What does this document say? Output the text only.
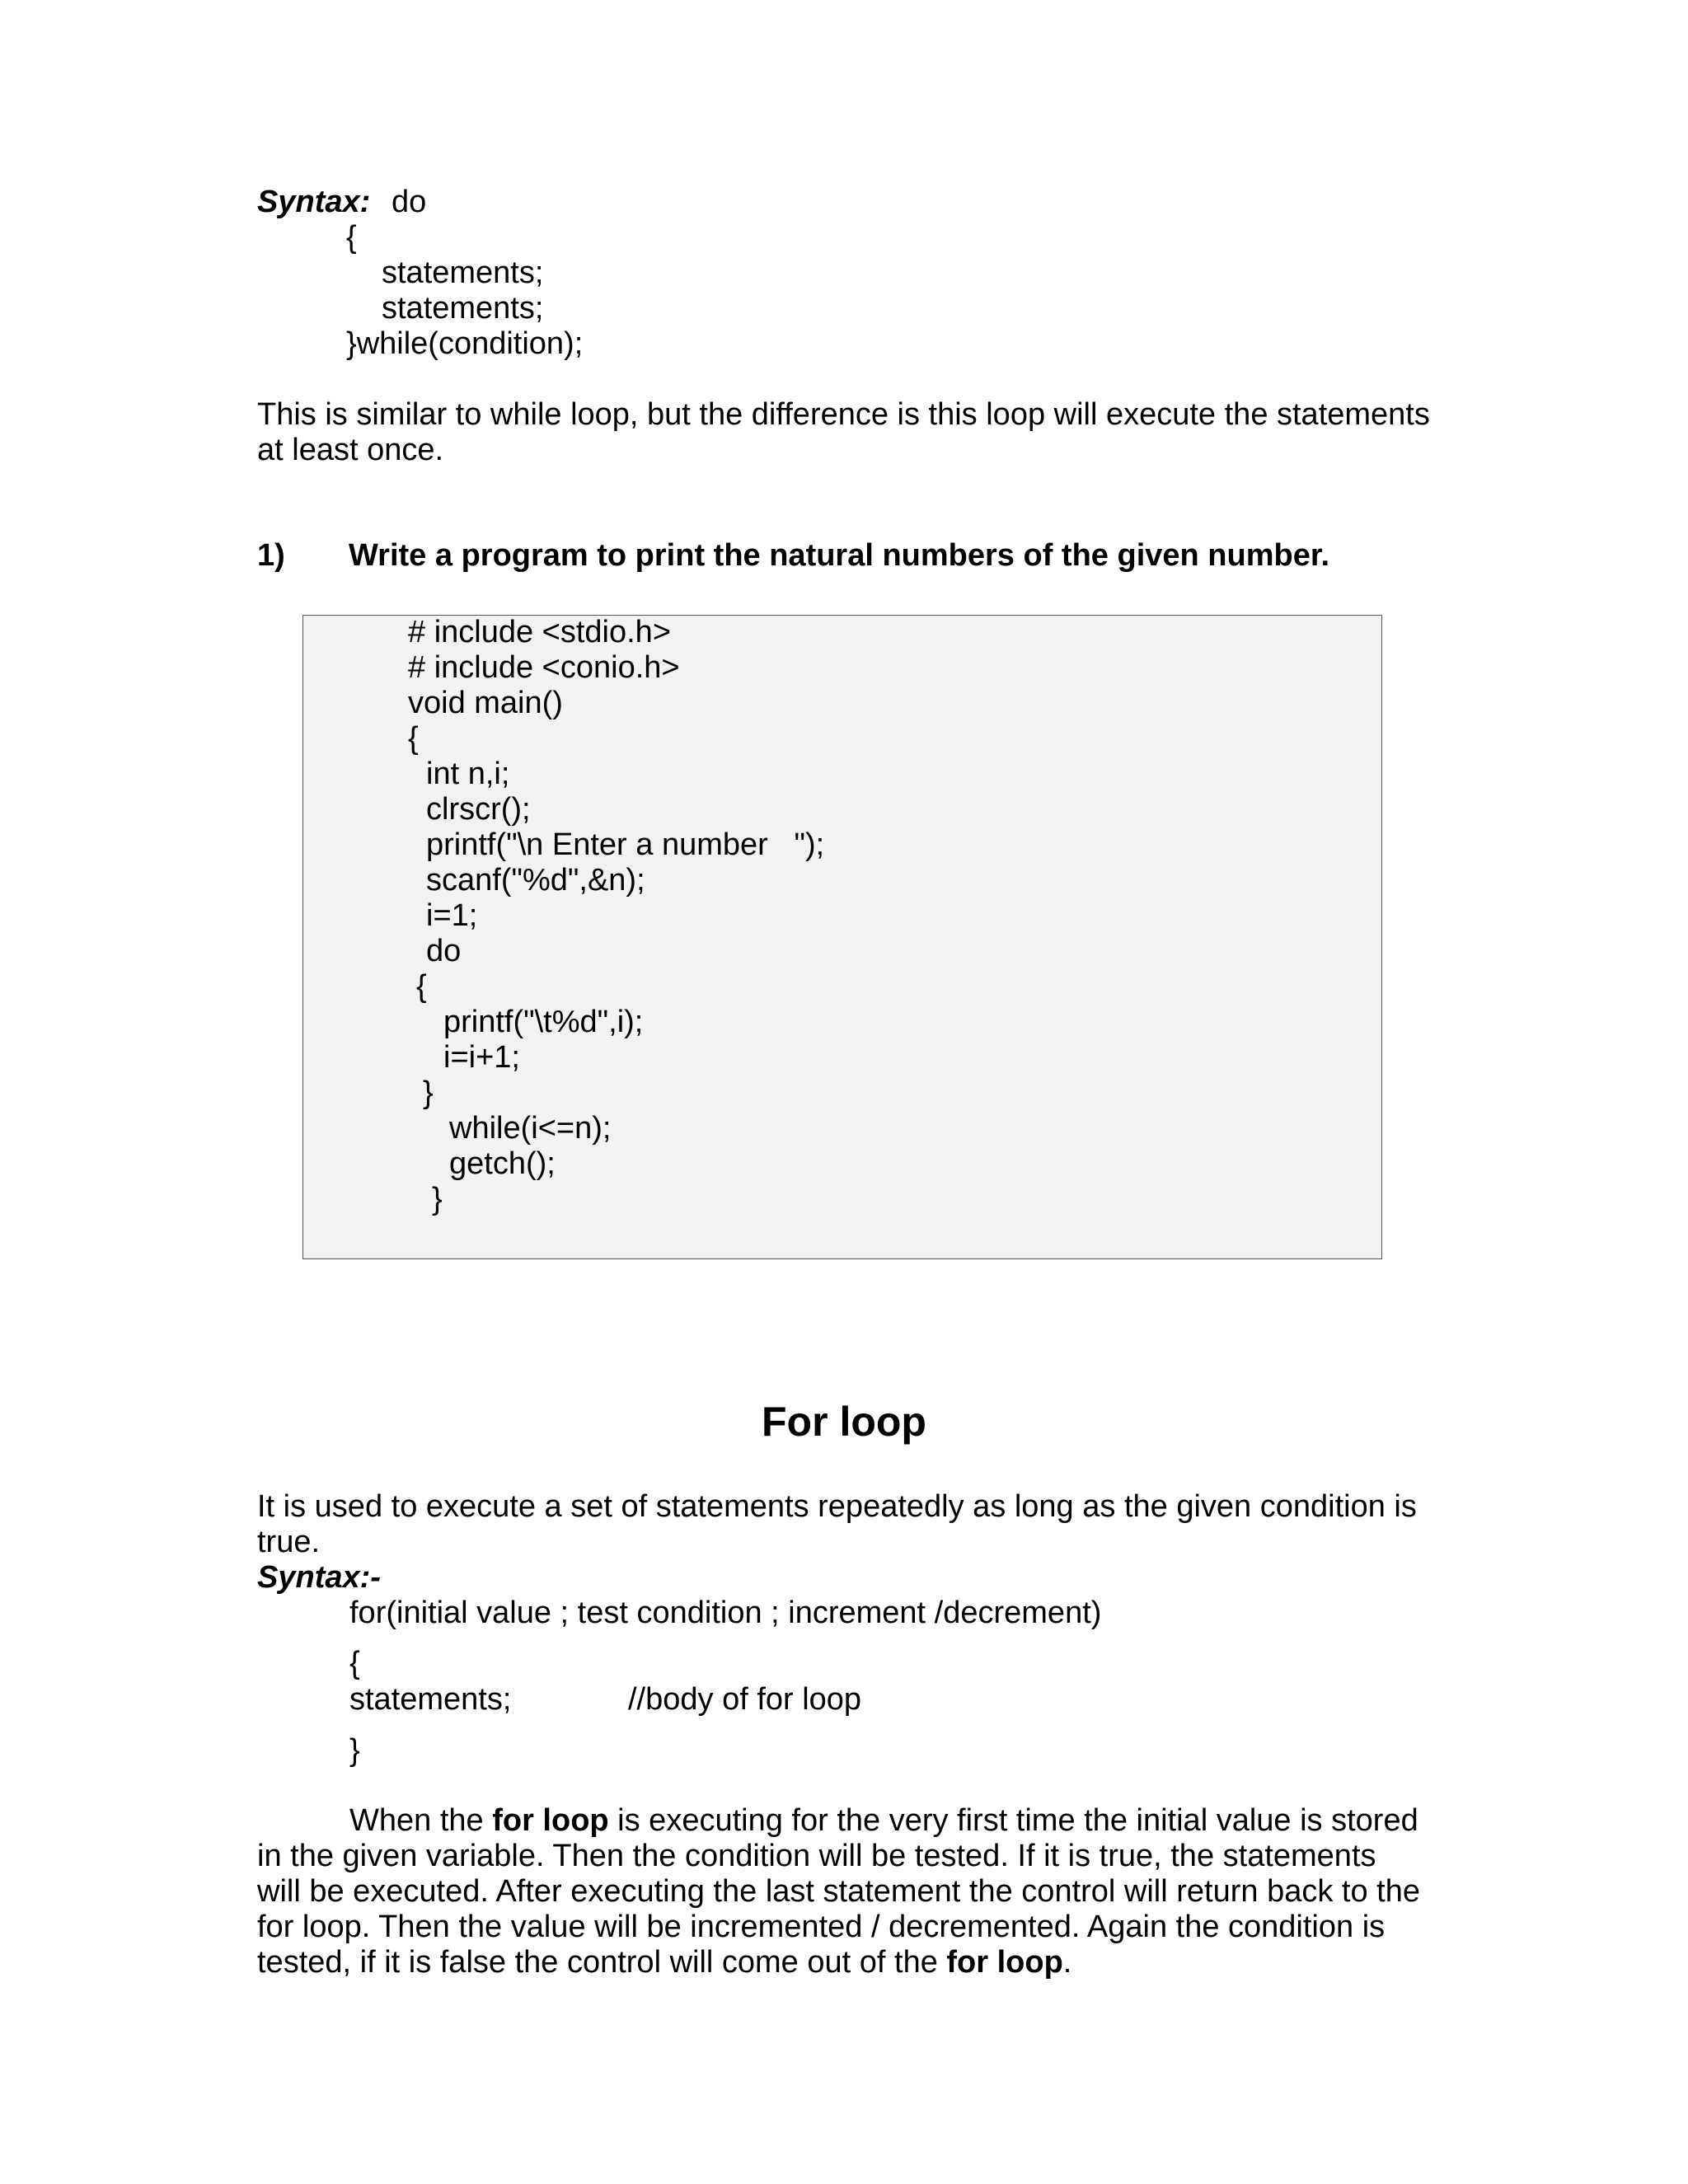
Syntax: do
{
statements;
statements;
}while(condition);
This is similar to while loop, but the difference is this loop will execute the statements
at least once.
1) Write a program to print the natural numbers of the given number.
# include <stdio.h>
# include <conio.h>
void main()
{
int n,i;
clrscr();
printf("\n Enter a number   ");
scanf("%d",&n);
i=1;
do
{
printf("\t%d",i);
i=i+1;
}
while(i<=n);
getch();
}
For loop
It is used to execute a set of statements repeatedly as long as the given condition is
true.
Syntax:-
for(initial value ; test condition ; increment /decrement)
{
statements;	//body of for loop
}
When the for loop is executing for the very first time the initial value is stored in the given variable. Then the condition will be tested. If it is true, the statements will be executed. After executing the last statement the control will return back to the for loop. Then the value will be incremented / decremented. Again the condition is tested, if it is false the control will come out of the for loop.
